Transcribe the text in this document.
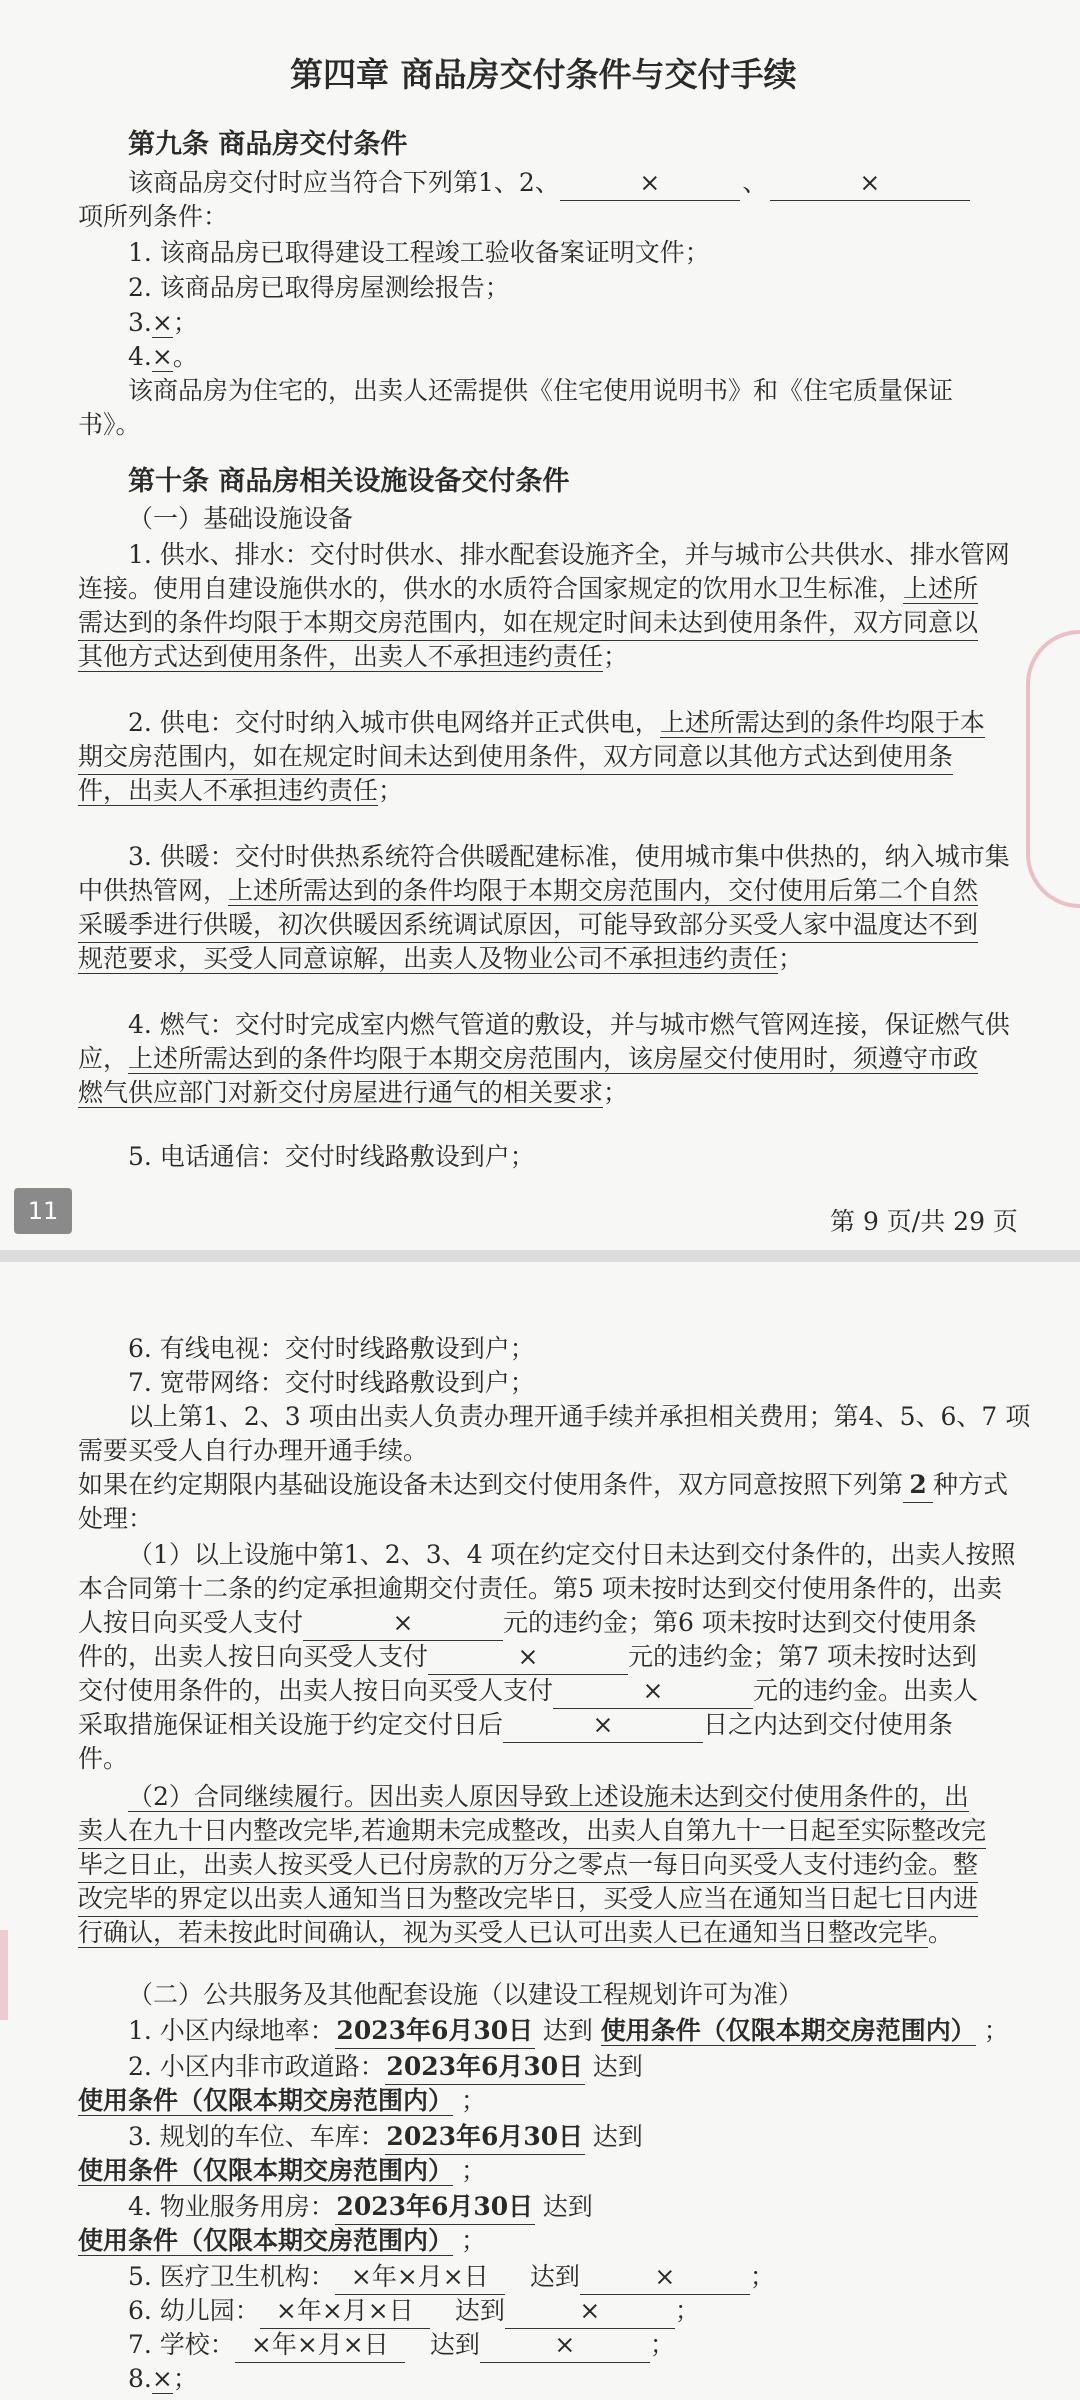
第四章 商品房交付条件与交付手续
第九条 商品房交付条件
该商品房交付时应当符合下列第1、2、	×	、	×
项所列条件：
1. 该商品房已取得建设工程竣工验收备案证明文件；
2. 该商品房已取得房屋测绘报告；
3.×；
4.×。
该商品房为住宅的，出卖人还需提供《住宅使用说明书》和《住宅质量保证
书》。
第十条 商品房相关设施设备交付条件
（一）基础设施设备
1. 供水、排水：交付时供水、排水配套设施齐全，并与城市公共供水、排水管网
连接。使用自建设施供水的，供水的水质符合国家规定的饮用水卫生标准，上述所
需达到的条件均限于本期交房范围内，如在规定时间未达到使用条件，双方同意以
其他方式达到使用条件，出卖人不承担违约责任；
2. 供电：交付时纳入城市供电网络并正式供电，上述所需达到的条件均限于本
期交房范围内，如在规定时间未达到使用条件，双方同意以其他方式达到使用条
件，出卖人不承担违约责任；
3. 供暖：交付时供热系统符合供暖配建标准，使用城市集中供热的，纳入城市集
中供热管网，上述所需达到的条件均限于本期交房范围内，交付使用后第二个自然
采暖季进行供暖，初次供暖因系统调试原因，可能导致部分买受人家中温度达不到
规范要求，买受人同意谅解，出卖人及物业公司不承担违约责任；
4. 燃气：交付时完成室内燃气管道的敷设，并与城市燃气管网连接，保证燃气供
应，上述所需达到的条件均限于本期交房范围内，该房屋交付使用时，须遵守市政
燃气供应部门对新交付房屋进行通气的相关要求；
5. 电话通信：交付时线路敷设到户；
第 9 页/共 29 页
11
6. 有线电视：交付时线路敷设到户；
7. 宽带网络：交付时线路敷设到户；
以上第1、2、3 项由出卖人负责办理开通手续并承担相关费用；第4、5、6、7 项
需要买受人自行办理开通手续。
如果在约定期限内基础设施设备未达到交付使用条件，双方同意按照下列第 2 种方式
处理：
（1）以上设施中第1、2、3、4 项在约定交付日未达到交付条件的，出卖人按照
本合同第十二条的约定承担逾期交付责任。第5 项未按时达到交付使用条件的，出卖
人按日向买受人支付	×	元的违约金；第6 项未按时达到交付使用条
件的，出卖人按日向买受人支付	×	元的违约金；第7 项未按时达到
交付使用条件的，出卖人按日向买受人支付	×	元的违约金。出卖人
采取措施保证相关设施于约定交付日后	×	日之内达到交付使用条
件。
（2）合同继续履行。因出卖人原因导致上述设施未达到交付使用条件的，出
卖人在九十日内整改完毕,若逾期未完成整改，出卖人自第九十一日起至实际整改完
毕之日止，出卖人按买受人已付房款的万分之零点一每日向买受人支付违约金。整
改完毕的界定以出卖人通知当日为整改完毕日，买受人应当在通知当日起七日内进
行确认，若未按此时间确认，视为买受人已认可出卖人已在通知当日整改完毕。
（二）公共服务及其他配套设施（以建设工程规划许可为准）
1. 小区内绿地率：2023年6月30日  达到  使用条件（仅限本期交房范围内）  ；
2. 小区内非市政道路：2023年6月30日  达到
使用条件（仅限本期交房范围内）  ；
3. 规划的车位、车库：2023年6月30日  达到
使用条件（仅限本期交房范围内）  ；
4. 物业服务用房：2023年6月30日  达到
使用条件（仅限本期交房范围内）  ；
5. 医疗卫生机构： ×年×月×日  达到	×	；
6. 幼儿园： ×年×月×日  达到	×	；
7. 学校： ×年×月×日  达到	×	；
8.×；
